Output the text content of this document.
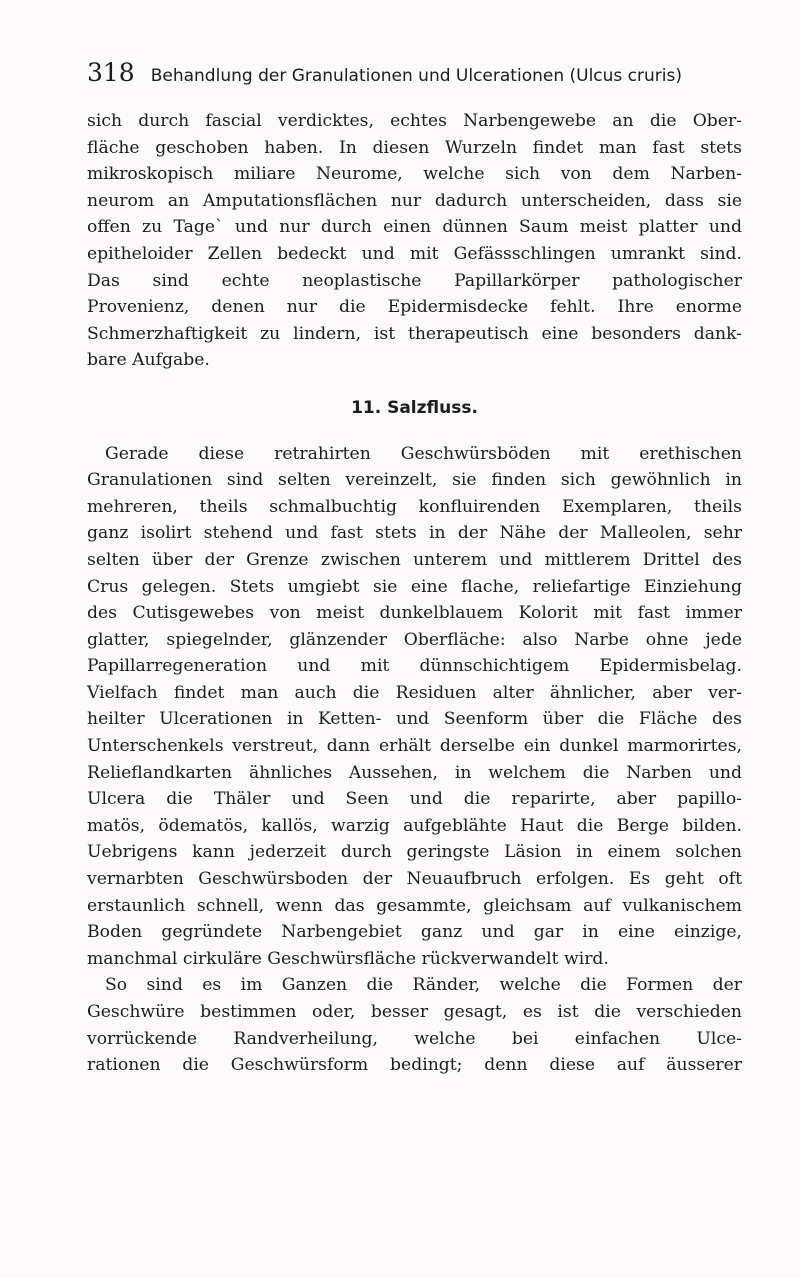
318 Behandlung der Granulationen und Ulcerationen (Ulcus cruris)
sich durch fascial verdicktes, echtes Narbengewebe an die Ober-
fläche geschoben haben. In diesen Wurzeln findet man fast stets
mikroskopisch miliare Neurome, welche sich von dem Narben-
neurom an Amputationsflächen nur dadurch unterscheiden, dass sie
offen zu Tage` und nur durch einen dünnen Saum meist platter und
epitheloider Zellen bedeckt und mit Gefässschlingen umrankt sind.
Das sind echte neoplastische Papillarkörper pathologischer
Provenienz, denen nur die Epidermisdecke fehlt. Ihre enorme
Schmerzhaftigkeit zu lindern, ist therapeutisch eine besonders dank-
bare Aufgabe.
11. Salzfluss.
Gerade diese retrahirten Geschwürsböden mit erethischen
Granulationen sind selten vereinzelt, sie finden sich gewöhnlich in
mehreren, theils schmalbuchtig konfluirenden Exemplaren, theils
ganz isolirt stehend und fast stets in der Nähe der Malleolen, sehr
selten über der Grenze zwischen unterem und mittlerem Drittel des
Crus gelegen. Stets umgiebt sie eine flache, reliefartige Einziehung
des Cutisgewebes von meist dunkelblauem Kolorit mit fast immer
glatter, spiegelnder, glänzender Oberfläche: also Narbe ohne jede
Papillarregeneration und mit dünnschichtigem Epidermisbelag.
Vielfach findet man auch die Residuen alter ähnlicher, aber ver-
heilter Ulcerationen in Ketten- und Seenform über die Fläche des
Unterschenkels verstreut, dann erhält derselbe ein dunkel marmorirtes,
Relieflandkarten ähnliches Aussehen, in welchem die Narben und
Ulcera die Thäler und Seen und die reparirte, aber papillo-
matös, ödematös, kallös, warzig aufgeblähte Haut die Berge bilden.
Uebrigens kann jederzeit durch geringste Läsion in einem solchen
vernarbten Geschwürsboden der Neuaufbruch erfolgen. Es geht oft
erstaunlich schnell, wenn das gesammte, gleichsam auf vulkanischem
Boden gegründete Narbengebiet ganz und gar in eine einzige,
manchmal cirkuläre Geschwürsfläche rückverwandelt wird.
So sind es im Ganzen die Ränder, welche die Formen der
Geschwüre bestimmen oder, besser gesagt, es ist die verschieden
vorrückende Randverheilung, welche bei einfachen Ulce-
rationen die Geschwürsform bedingt; denn diese auf äusserer
